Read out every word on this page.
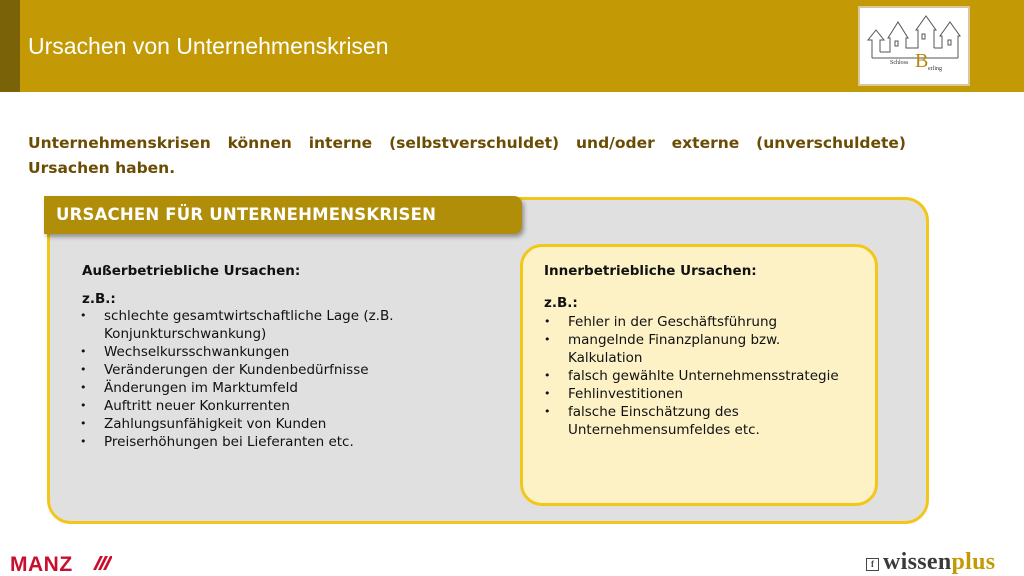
Ursachen von Unternehmenskrisen
Schloss B erling
Unternehmenskrisen können interne (selbstverschuldet) und/oder externe (unverschuldete) Ursachen haben.
URSACHEN FÜR UNTERNEHMENSKRISEN
Außerbetriebliche Ursachen:
z.B.:
• schlechte gesamtwirtschaftliche Lage (z.B. Konjunkturschwankung)
• Wechselkursschwankungen
• Veränderungen der Kundenbedürfnisse
• Änderungen im Marktumfeld
• Auftritt neuer Konkurrenten
• Zahlungsunfähigkeit von Kunden
• Preiserhöhungen bei Lieferanten etc.
Innerbetriebliche Ursachen:
z.B.:
• Fehler in der Geschäftsführung
• mangelnde Finanzplanung bzw. Kalkulation
• falsch gewählte Unternehmensstrategie
• Fehlinvestitionen
• falsche Einschätzung des Unternehmensumfeldes etc.
MANZ	f wissenplus
